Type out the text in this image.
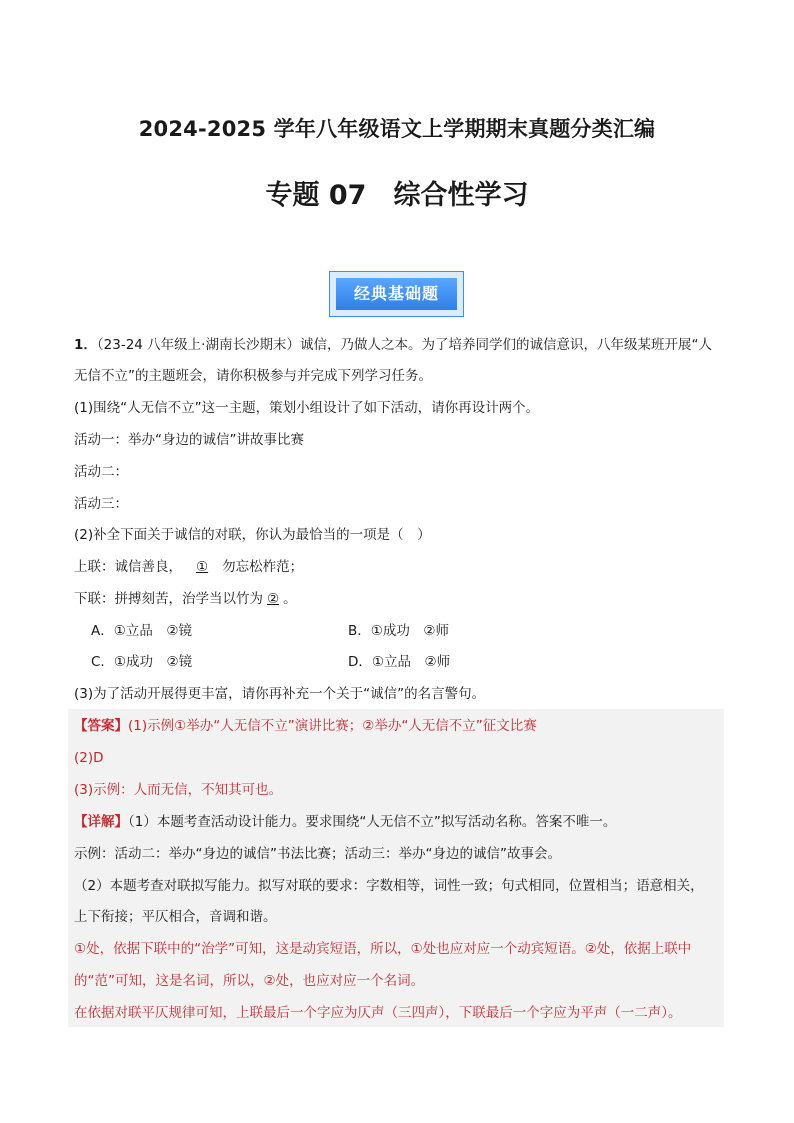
2024-2025 学年八年级语文上学期期末真题分类汇编
专题 07　综合性学习
经典基础题
1．（23-24 八年级上·湖南长沙期末）诚信，乃做人之本。为了培养同学们的诚信意识，八年级某班开展“人
无信不立”的主题班会，请你积极参与并完成下列学习任务。
(1)围绕“人无信不立”这一主题，策划小组设计了如下活动，请你再设计两个。
活动一：举办“身边的诚信”讲故事比赛
活动二：
活动三：
(2)补全下面关于诚信的对联，你认为最恰当的一项是（　）
上联：诚信善良， ① 勿忘松柞范；
下联：拼搏刻苦，治学当以竹为 ② 。
A．①立品　②镜	B．①成功　②师
C．①成功　②镜	D．①立品　②师
(3)为了活动开展得更丰富，请你再补充一个关于“诚信”的名言警句。
【答案】(1)示例①举办“人无信不立”演讲比赛；②举办“人无信不立”征文比赛
(2)D
(3)示例：人而无信，不知其可也。
【详解】（1）本题考查活动设计能力。要求围绕“人无信不立”拟写活动名称。答案不唯一。
示例：活动二：举办“身边的诚信”书法比赛；活动三：举办“身边的诚信”故事会。
（2）本题考查对联拟写能力。拟写对联的要求：字数相等，词性一致；句式相同，位置相当；语意相关，
上下衔接；平仄相合，音调和谐。
①处，依据下联中的“治学”可知，这是动宾短语，所以，①处也应对应一个动宾短语。②处，依据上联中
的“范”可知，这是名词，所以，②处，也应对应一个名词。
在依据对联平仄规律可知，上联最后一个字应为仄声（三四声），下联最后一个字应为平声（一二声）。
